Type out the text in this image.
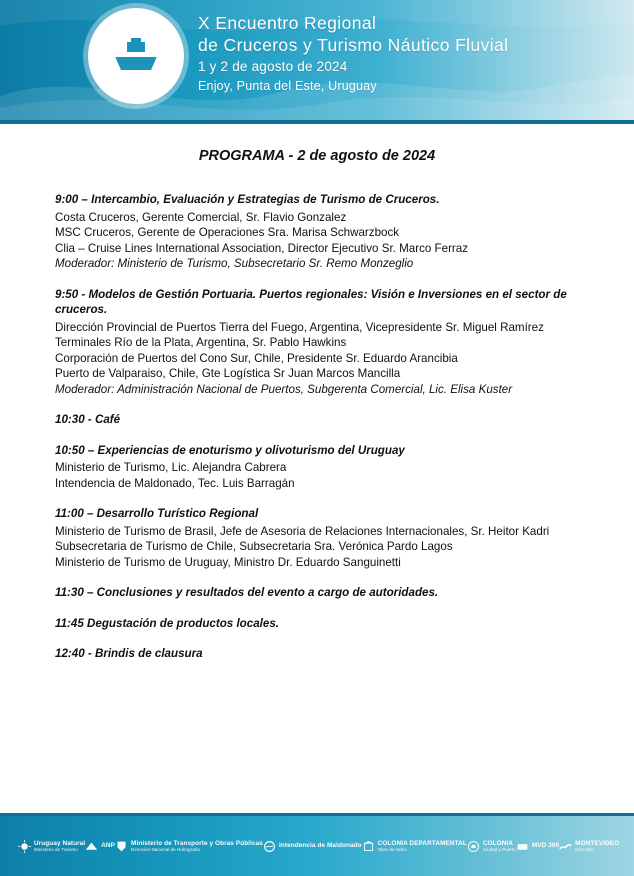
X Encuentro Regional
de Cruceros y Turismo Náutico Fluvial
1 y 2 de agosto de 2024
Enjoy, Punta del Este, Uruguay
PROGRAMA - 2 de agosto de 2024
9:00 – Intercambio, Evaluación y Estrategias de Turismo de Cruceros.
Costa Cruceros, Gerente Comercial, Sr. Flavio Gonzalez
MSC Cruceros, Gerente de Operaciones Sra. Marisa Schwarzbock
Clia – Cruise Lines International Association, Director Ejecutivo Sr. Marco Ferraz
Moderador: Ministerio de Turismo, Subsecretario Sr. Remo Monzeglio
9:50 - Modelos de Gestión Portuaria. Puertos regionales: Visión e Inversiones en el sector de cruceros.
Dirección Provincial de Puertos Tierra del Fuego, Argentina, Vicepresidente Sr. Miguel Ramírez
Terminales Río de la Plata, Argentina, Sr. Pablo Hawkins
Corporación de Puertos del Cono Sur, Chile, Presidente Sr. Eduardo Arancibia
Puerto de Valparaiso, Chile, Gte Logística Sr Juan Marcos Mancilla
Moderador: Administración Nacional de Puertos, Subgerenta Comercial, Lic. Elisa Kuster
10:30 - Café
10:50 – Experiencias de enoturismo y olivoturismo del Uruguay
Ministerio de Turismo, Lic. Alejandra Cabrera
Intendencia de Maldonado, Tec. Luis Barragán
11:00 – Desarrollo Turístico Regional
Ministerio de Turismo de Brasil, Jefe de Asesoria de Relaciones Internacionales, Sr. Heitor Kadri
Subsecretaria de Turismo de Chile, Subsecretaria Sra. Verónica Pardo Lagos
Ministerio de Turismo de Uruguay, Ministro Dr. Eduardo Sanguinetti
11:30 – Conclusiones y resultados del evento a cargo de autoridades.
11:45 Degustación de productos locales.
12:40 - Brindis de clausura
Uruguay Natural
Ministerio de Turismo
ANP	Ministerio de Transporte y Obras Públicas
Dirección Nacional de Hidrografía
Intendencia de Maldonado	COLONIA DEPARTAMENTAL
Obra de todos
COLONIA
Ciudad y Puerto
MVD 300	MONTEVIDEO
Descubrí
